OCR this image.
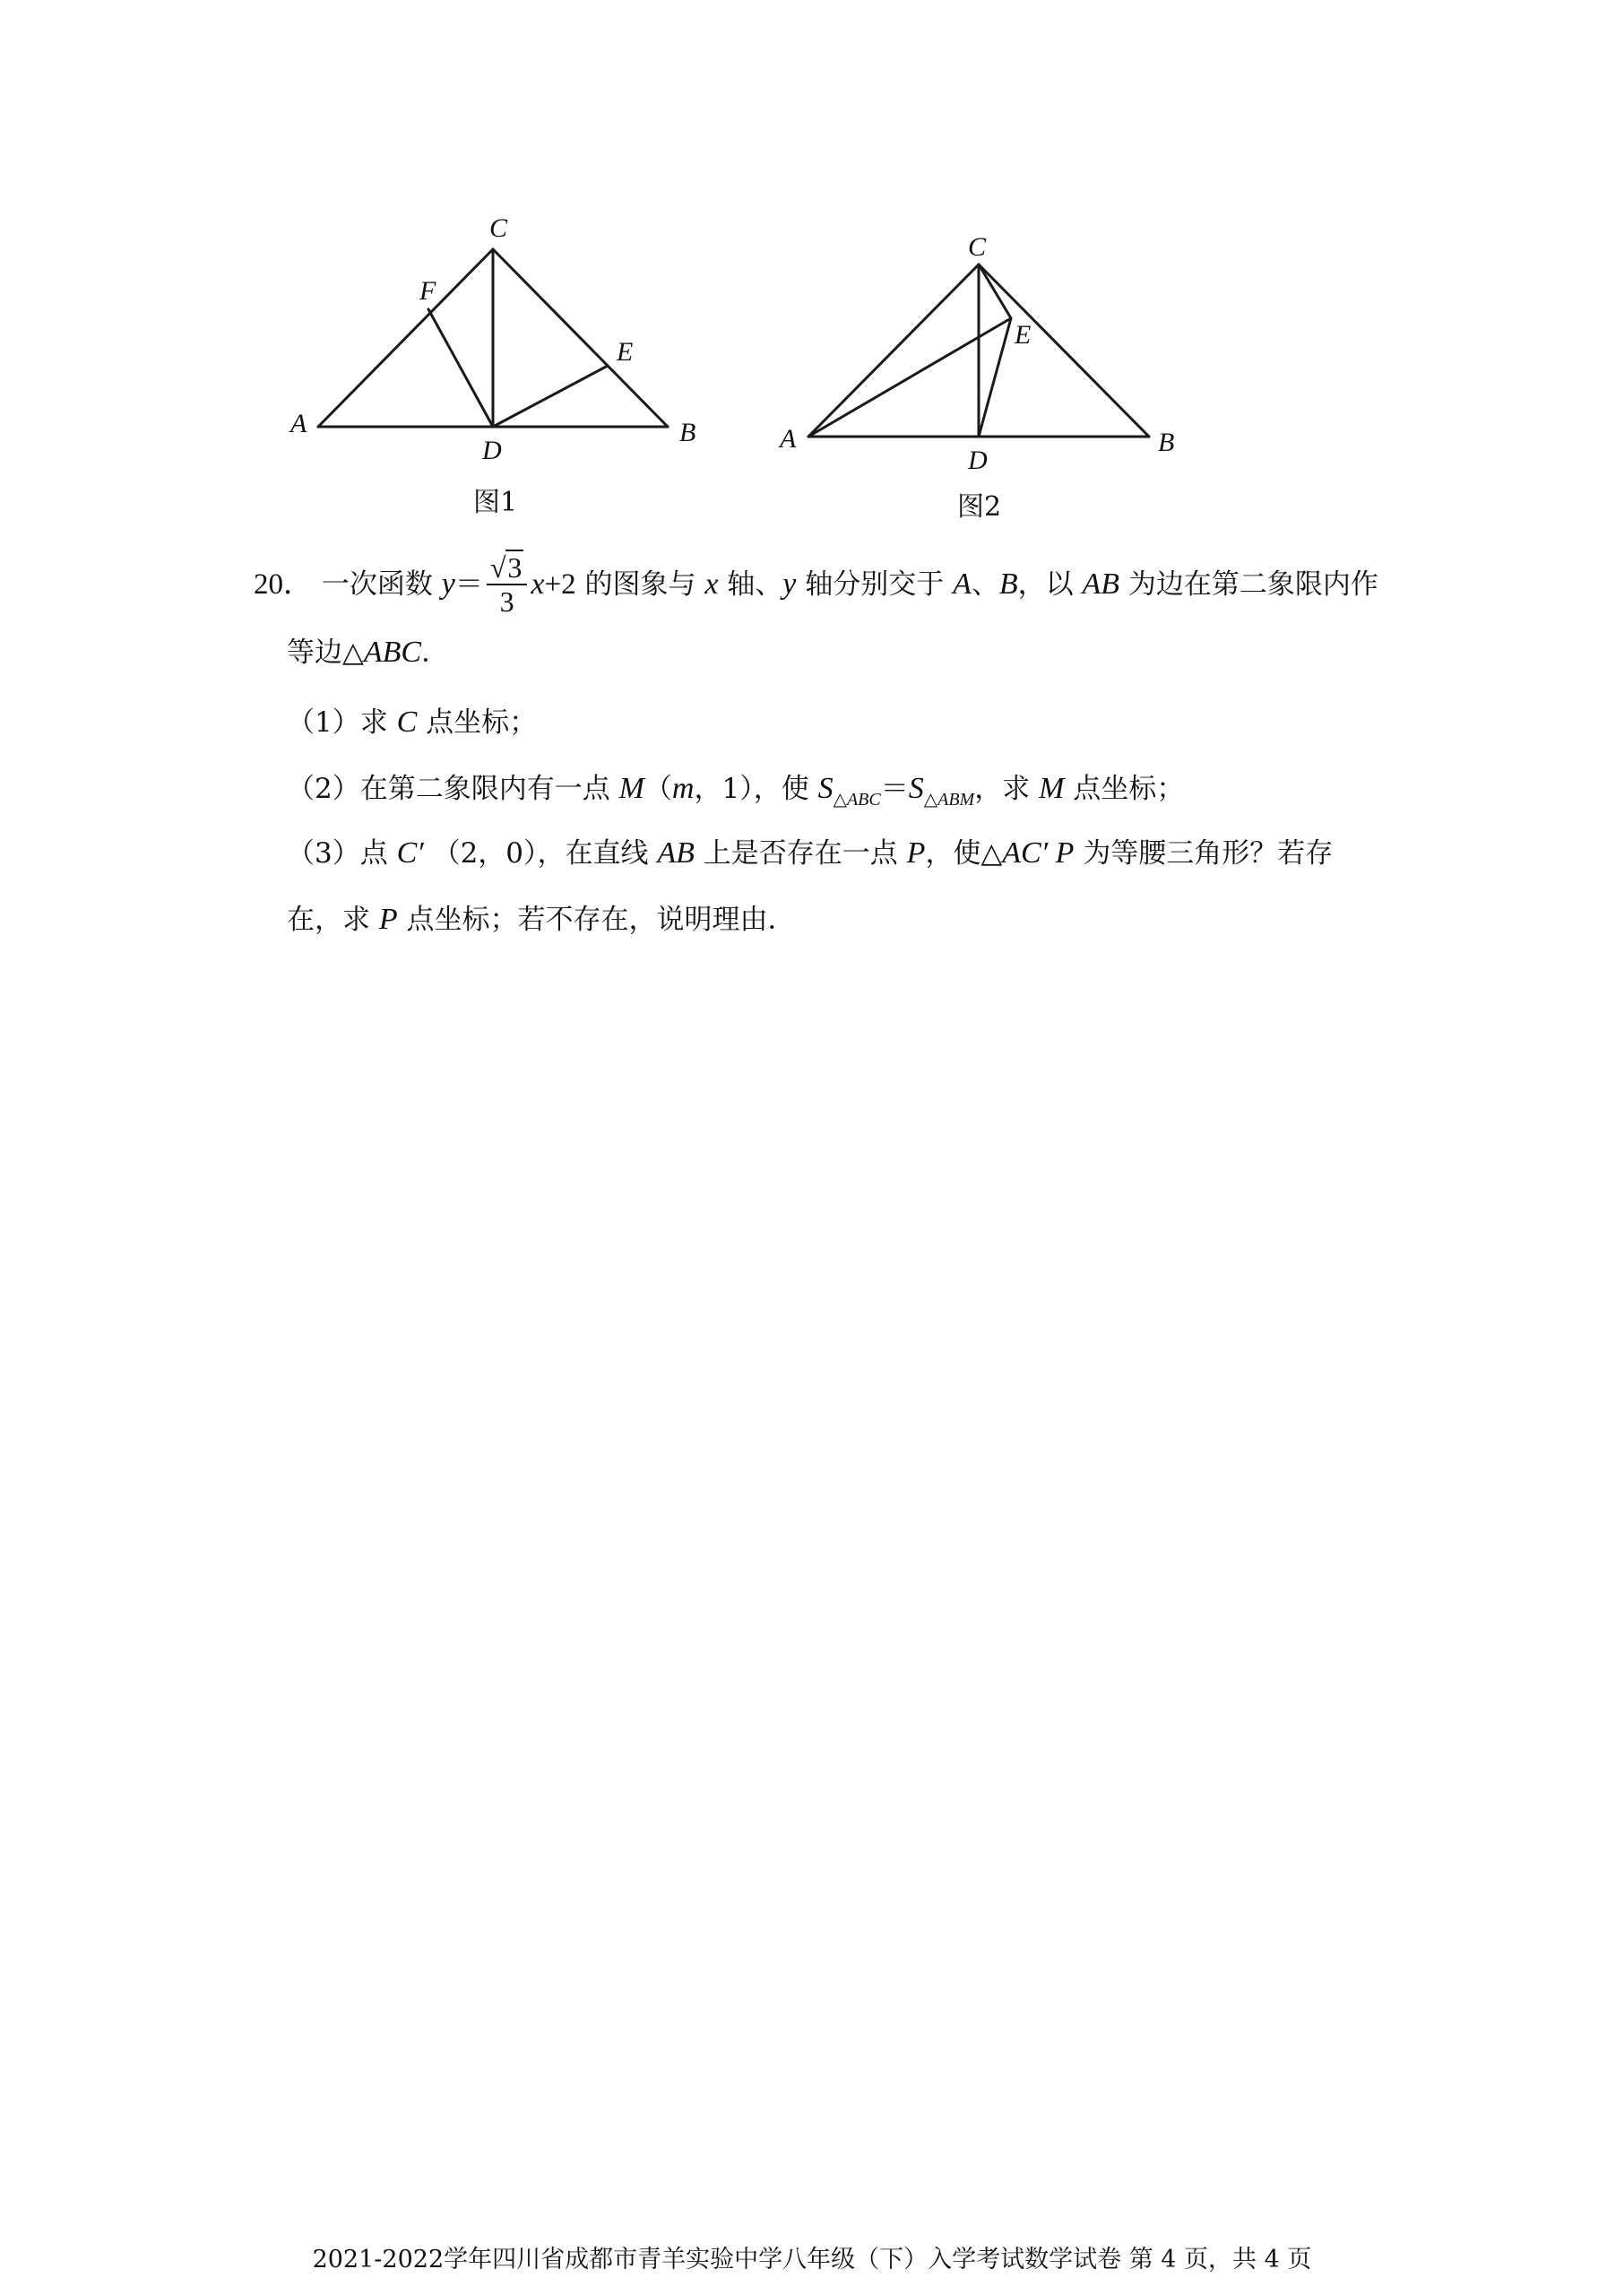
C
F
E
A
D
B
图1
C
E
A
D
B
图2
20． 一次函数 $y= \frac{√3}{3} x+2$ 的图象与 x 轴、y 轴分别交于 A、B，以 AB 为边在第二象限内作
等边△ABC．
（1）求 C 点坐标；
（2）在第二象限内有一点 M（m，1），使 $S_{\triangle ABC}=S_{\triangle ABM}$，求 M 点坐标；
（3）点 C′ （2，0），在直线 AB 上是否存在一点 P，使△AC′ P 为等腰三角形？若存
在，求 P 点坐标；若不存在，说明理由．
2021-2022学年四川省成都市青羊实验中学八年级（下）入学考试数学试卷 第 4 页，共 4 页
